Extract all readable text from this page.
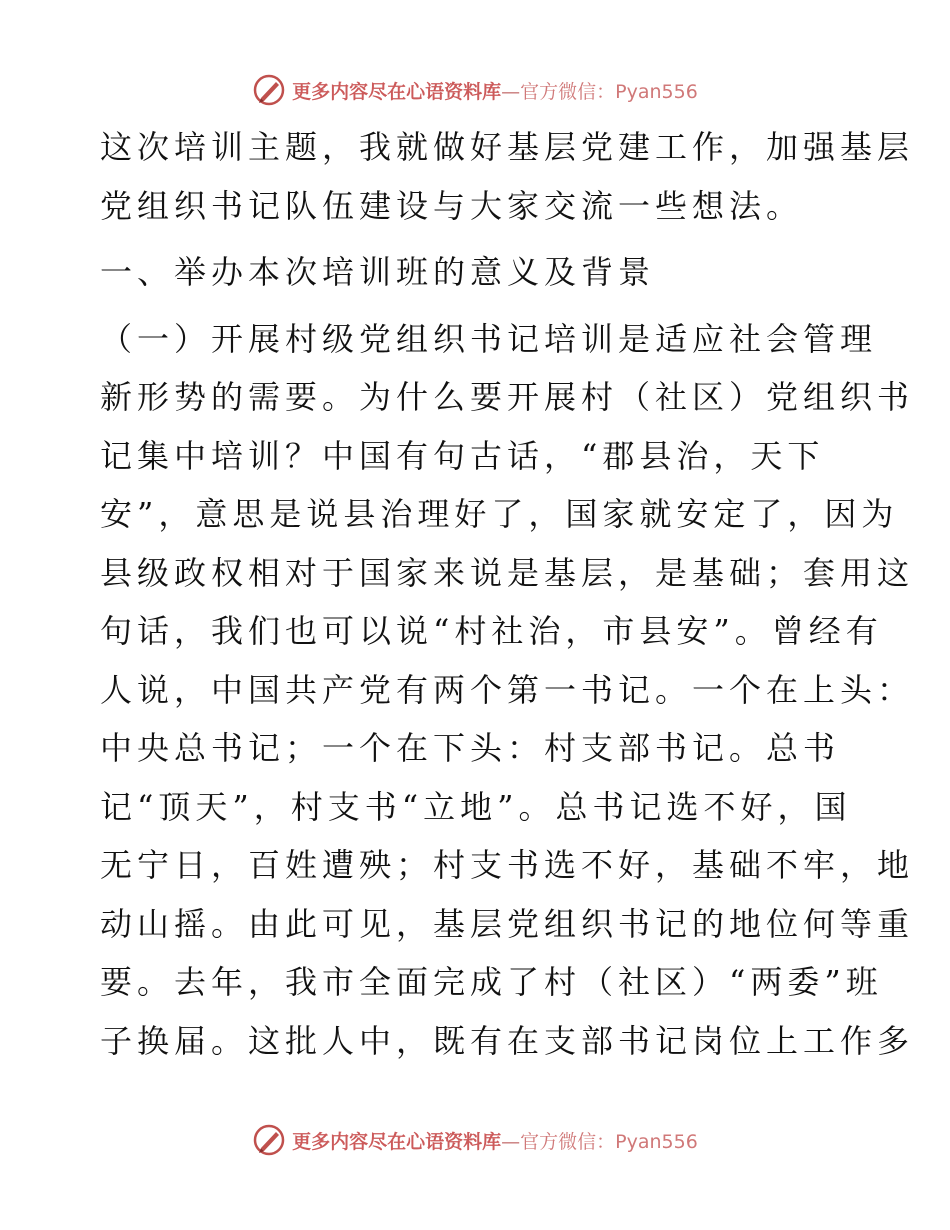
更多内容尽在心语资料库—官方微信：Pyan556
这次培训主题，我就做好基层党建工作，加强基层
党组织书记队伍建设与大家交流一些想法。
一、举办本次培训班的意义及背景
（一）开展村级党组织书记培训是适应社会管理
新形势的需要。为什么要开展村（社区）党组织书
记集中培训？中国有句古话，“郡县治，天下
安”，意思是说县治理好了，国家就安定了，因为
县级政权相对于国家来说是基层，是基础；套用这
句话，我们也可以说“村社治，市县安”。曾经有
人说，中国共产党有两个第一书记。一个在上头：
中央总书记；一个在下头：村支部书记。总书
记“顶天”，村支书“立地”。总书记选不好，国
无宁日，百姓遭殃；村支书选不好，基础不牢，地
动山摇。由此可见，基层党组织书记的地位何等重
要。去年，我市全面完成了村（社区）“两委”班
子换届。这批人中，既有在支部书记岗位上工作多
更多内容尽在心语资料库—官方微信：Pyan556
